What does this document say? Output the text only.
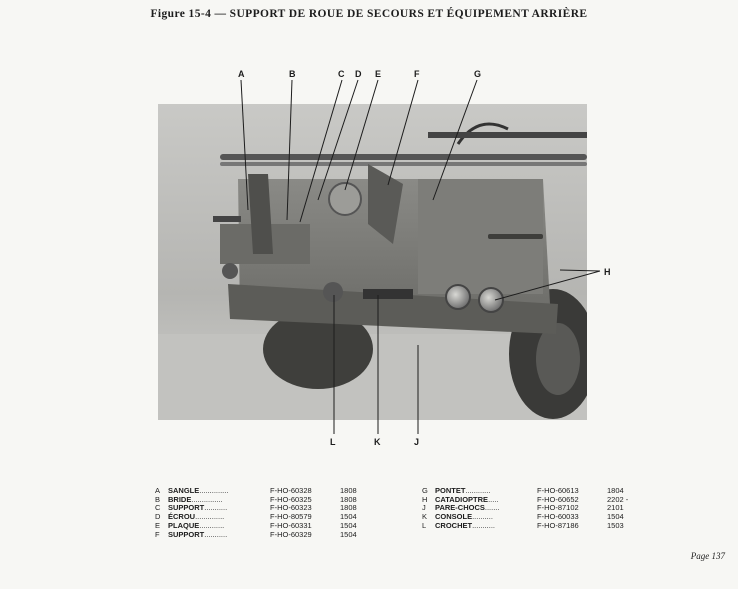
Figure 15-4 — SUPPORT DE ROUE DE SECOURS ET ÉQUIPEMENT ARRIÈRE
A	B	C D E	F	G
H
L	K	J
A	SANGLE..............	F-HO-60328	1808
B	BRIDE...............	F-HO-60325	1808
C	SUPPORT...........	F-HO-60323	1808
D	ÉCROU..............	F-HO-80579	1504
E	PLAQUE............	F-HO-60331	1504
F	SUPPORT...........	F-HO-60329	1504
G PONTET............	F-HO-60613	1804
H	CATADIOPTRE.....	F-HO-60652	2202 -
J	PARE-CHOCS.......	F-HO-87102	2101
K	CONSOLE..........	F-HO-60033	1504
L	CROCHET...........	F-HO-87186	1503
Page 137
